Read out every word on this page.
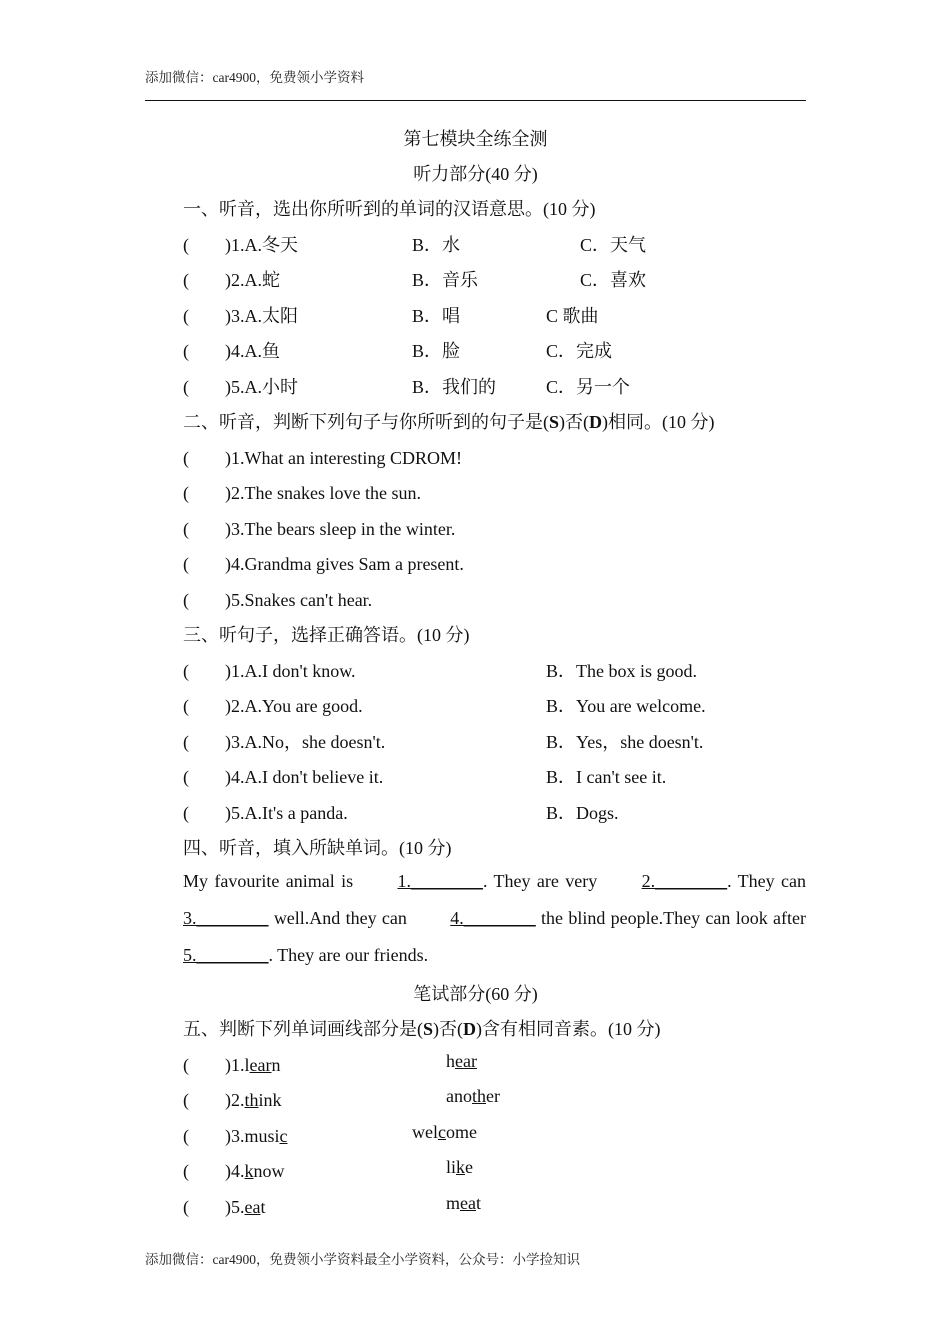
添加微信：car4900，免费领小学资料
第七模块全练全测
听力部分(40 分)
一、听音，选出你所听到的单词的汉语意思。(10 分)
(　　)1.A.冬天	B．水	C．天气
(　　)2.A.蛇	B．音乐	C．喜欢
(　　)3.A.太阳	B．唱	C 歌曲
(　　)4.A.鱼	B．脸	C．完成
(　　)5.A.小时	B．我们的	C．另一个
二、听音，判断下列句子与你所听到的句子是(S)否(D)相同。(10 分)
(　　)1.What an interesting CDROM!
(　　)2.The snakes love the sun.
(　　)3.The bears sleep in the winter.
(　　)4.Grandma gives Sam a present.
(　　)5.Snakes can't hear.
三、听句子，选择正确答语。(10 分)
(　　)1.A.I don't know.	B．The box is good.
(　　)2.A.You are good.	B．You are welcome.
(　　)3.A.No，she doesn't.	B．Yes，she doesn't.
(　　)4.A.I don't believe it.	B．I can't see it.
(　　)5.A.It's a panda.	B．Dogs.
四、听音，填入所缺单词。(10 分)
My favourite animal is 1.________. They are very 2.________. They can 3.________ well.And they can 4.________ the blind people.They can look after 5.________. They are our friends.
笔试部分(60 分)
五、判断下列单词画线部分是(S)否(D)含有相同音素。(10 分)
(　　)1.learn	hear
(　　)2.think	another
(　　)3.music	welcome
(　　)4.know	like
(　　)5.eat	meat
添加微信：car4900，免费领小学资料最全小学资料，公众号：小学捡知识
